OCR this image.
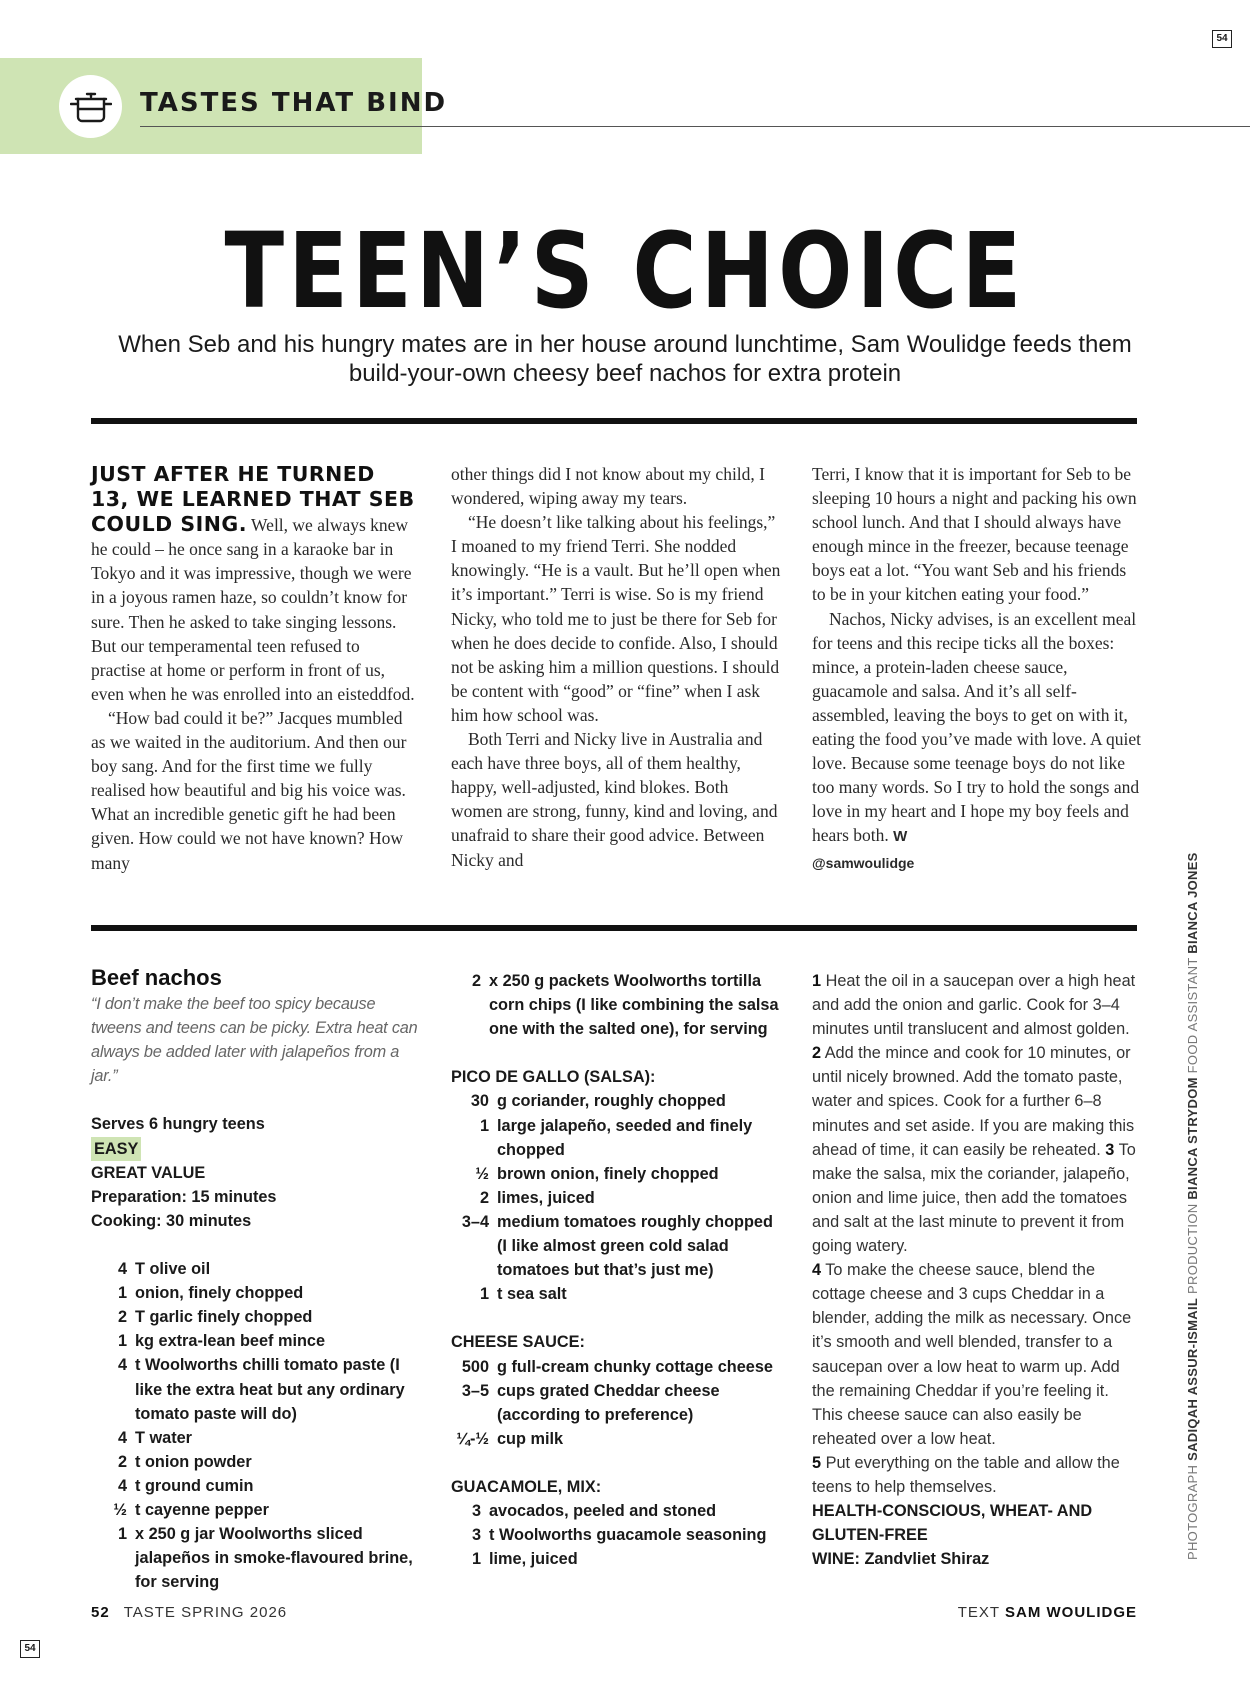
54
54
TASTES THAT BIND
TEEN’S CHOICE
When Seb and his hungry mates are in her house around lunchtime, Sam Woulidge feeds them build-your-own cheesy beef nachos for extra protein

JUST AFTER HE TURNED
13, WE LEARNED THAT SEB
COULD SING. Well, we always knew he could – he once sang in a karaoke bar in Tokyo and it was impressive, though we were in a joyous ramen haze, so couldn’t know for sure. Then he asked to take singing lessons. But our temperamental teen refused to practise at home or perform in front of us, even when he was enrolled into an eisteddfod.

“How bad could it be?” Jacques mumbled as we waited in the auditorium. And then our boy sang. And for the first time we fully realised how beautiful and big his voice was. What an incredible genetic gift he had been given. How could we not have known? How many

other things did I not know about my child, I wondered, wiping away my tears.

“He doesn’t like talking about his feelings,” I moaned to my friend Terri. She nodded knowingly. “He is a vault. But he’ll open when it’s important.” Terri is wise. So is my friend Nicky, who told me to just be there for Seb for when he does decide to confide. Also, I should not be asking him a million questions. I should be content with “good” or “fine” when I ask him how school was.

Both Terri and Nicky live in Australia and each have three boys, all of them healthy, happy, well-adjusted, kind blokes. Both women are strong, funny, kind and loving, and unafraid to share their good advice. Between Nicky and

Terri, I know that it is important for Seb to be sleeping 10 hours a night and packing his own school lunch. And that I should always have enough mince in the freezer, because teenage boys eat a lot. “You want Seb and his friends to be in your kitchen eating your food.”

Nachos, Nicky advises, is an excellent meal for teens and this recipe ticks all the boxes: mince, a protein-laden cheese sauce, guacamole and salsa. And it’s all self-assembled, leaving the boys to get on with it, eating the food you’ve made with love. A quiet love. Because some teenage boys do not like too many words. So I try to hold the songs and love in my heart and I hope my boy feels and hears both. W

@samwoulidge

Beef nachos

“I don’t make the beef too spicy because tweens and teens can be picky. Extra heat can always be added later with jalapeños from a jar.”

Serves 6 hungry teens

EASY

GREAT VALUE

Preparation: 15 minutes

Cooking: 30 minutes

4 T olive oil
1 onion, finely chopped
2 T garlic finely chopped
1 kg extra-lean beef mince
4 t Woolworths chilli tomato paste (I like the extra heat but any ordinary tomato paste will do)
4 T water
2 t onion powder
4 t ground cumin
½ t cayenne pepper
1 x 250 g jar Woolworths sliced jalapeños in smoke-flavoured brine, for serving
2 x 250 g packets Woolworths tortilla corn chips (I like combining the salsa one with the salted one), for serving

PICO DE GALLO (SALSA):

30 g coriander, roughly chopped
1 large jalapeño, seeded and finely chopped
½ brown onion, finely chopped
2 limes, juiced
3–4 medium tomatoes roughly chopped (I like almost green cold salad tomatoes but that’s just me)
1 t sea salt

CHEESE SAUCE:

500 g full-cream chunky cottage cheese
3–5 cups grated Cheddar cheese (according to preference)
¼-½ cup milk

GUACAMOLE, MIX:

3 avocados, peeled and stoned
3 t Woolworths guacamole seasoning
1 lime, juiced

1 Heat the oil in a saucepan over a high heat and add the onion and garlic. Cook for 3–4 minutes until translucent and almost golden. 2 Add the mince and cook for 10 minutes, or until nicely browned. Add the tomato paste, water and spices. Cook for a further 6–8 minutes and set aside. If you are making this ahead of time, it can easily be reheated. 3 To make the salsa, mix the coriander, jalapeño, onion and lime juice, then add the tomatoes and salt at the last minute to prevent it from going watery.

4 To make the cheese sauce, blend the cottage cheese and 3 cups Cheddar in a blender, adding the milk as necessary. Once it’s smooth and well blended, transfer to a saucepan over a low heat to warm up. Add the remaining Cheddar if you’re feeling it. This cheese sauce can also easily be reheated over a low heat.

5 Put everything on the table and allow the teens to help themselves.

HEALTH-CONSCIOUS, WHEAT- AND GLUTEN-FREE

WINE: Zandvliet Shiraz	PHOTOGRAPH SADIQAH ASSUR-ISMAIL PRODUCTION BIANCA STRYDOM FOOD ASSISTANT BIANCA JONES
52 TASTE SPRING 2026	TEXT SAM WOULIDGE
